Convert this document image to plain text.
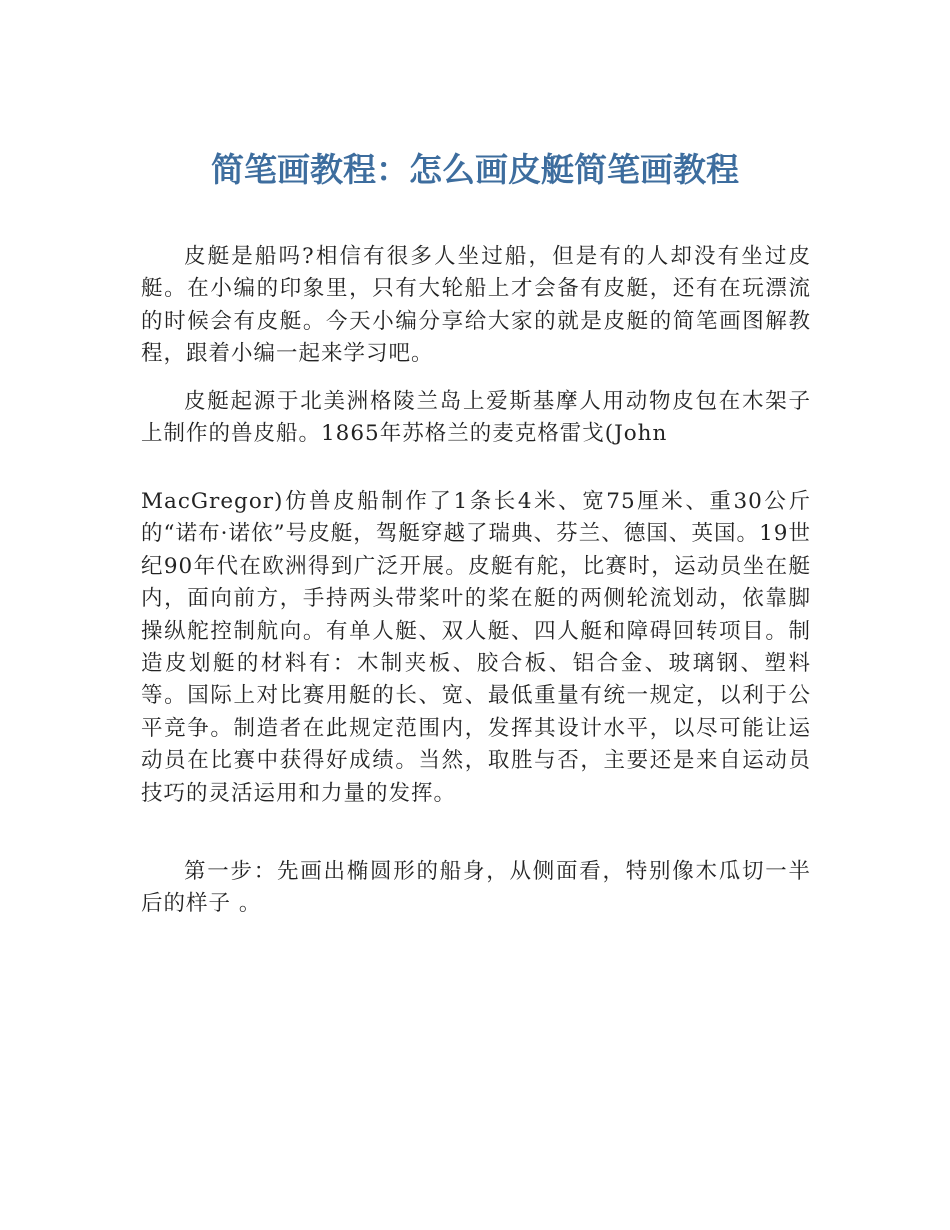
简笔画教程：怎么画皮艇简笔画教程

皮艇是船吗?相信有很多人坐过船，但是有的人却没有坐过皮艇。在小编的印象里，只有大轮船上才会备有皮艇，还有在玩漂流的时候会有皮艇。今天小编分享给大家的就是皮艇的简笔画图解教程，跟着小编一起来学习吧。

皮艇起源于北美洲格陵兰岛上爱斯基摩人用动物皮包在木架子上制作的兽皮船。1865年苏格兰的麦克格雷戈(John

MacGregor)仿兽皮船制作了1条长4米、宽75厘米、重30公斤的“诺布·诺依”号皮艇，驾艇穿越了瑞典、芬兰、德国、英国。19世纪90年代在欧洲得到广泛开展。皮艇有舵，比赛时，运动员坐在艇内，面向前方，手持两头带桨叶的桨在艇的两侧轮流划动，依靠脚操纵舵控制航向。有单人艇、双人艇、四人艇和障碍回转项目。制造皮划艇的材料有：木制夹板、胶合板、铝合金、玻璃钢、塑料等。国际上对比赛用艇的长、宽、最低重量有统一规定，以利于公平竞争。制造者在此规定范围内，发挥其设计水平，以尽可能让运动员在比赛中获得好成绩。当然，取胜与否，主要还是来自运动员技巧的灵活运用和力量的发挥。

第一步：先画出椭圆形的船身，从侧面看，特别像木瓜切一半后的样子 。
